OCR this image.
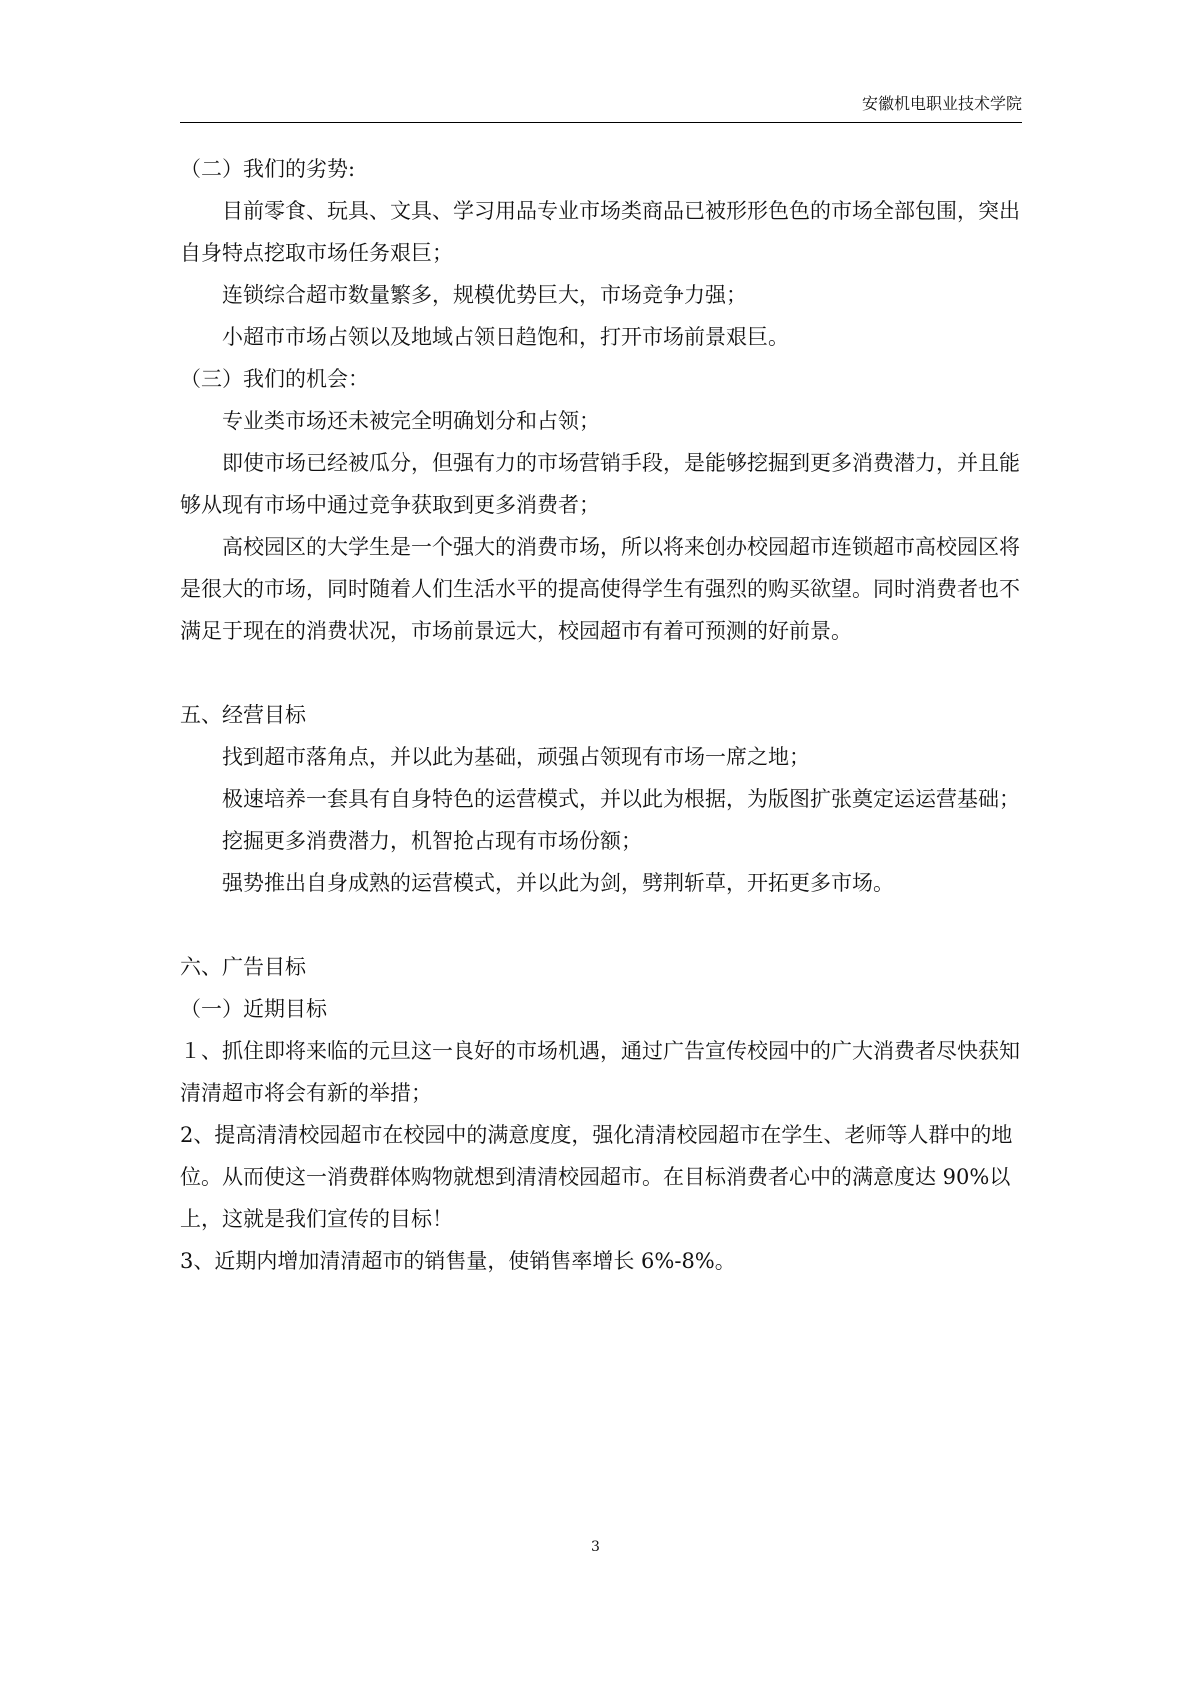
安徽机电职业技术学院

（二）我们的劣势:

目前零食、玩具、文具、学习用品专业市场类商品已被形形色色的市场全部包围，突出自身特点挖取市场任务艰巨；

连锁综合超市数量繁多，规模优势巨大，市场竞争力强；

小超市市场占领以及地域占领日趋饱和，打开市场前景艰巨。

（三）我们的机会：

专业类市场还未被完全明确划分和占领；

即使市场已经被瓜分，但强有力的市场营销手段，是能够挖掘到更多消费潜力，并且能够从现有市场中通过竞争获取到更多消费者；

高校园区的大学生是一个强大的消费市场，所以将来创办校园超市连锁超市高校园区将是很大的市场，同时随着人们生活水平的提高使得学生有强烈的购买欲望。同时消费者也不满足于现在的消费状况，市场前景远大，校园超市有着可预测的好前景。

五、经营目标

找到超市落角点，并以此为基础，顽强占领现有市场一席之地；

极速培养一套具有自身特色的运营模式，并以此为根据，为版图扩张奠定运运营基础；

挖掘更多消费潜力，机智抢占现有市场份额；

强势推出自身成熟的运营模式，并以此为剑，劈荆斩草，开拓更多市场。

六、广告目标

（一）近期目标

１、抓住即将来临的元旦这一良好的市场机遇，通过广告宣传校园中的广大消费者尽快获知清清超市将会有新的举措；

2、提高清清校园超市在校园中的满意度度，强化清清校园超市在学生、老师等人群中的地位。从而使这一消费群体购物就想到清清校园超市。在目标消费者心中的满意度达 90%以上，这就是我们宣传的目标！

3、近期内增加清清超市的销售量，使销售率增长 6%-8%。

3
